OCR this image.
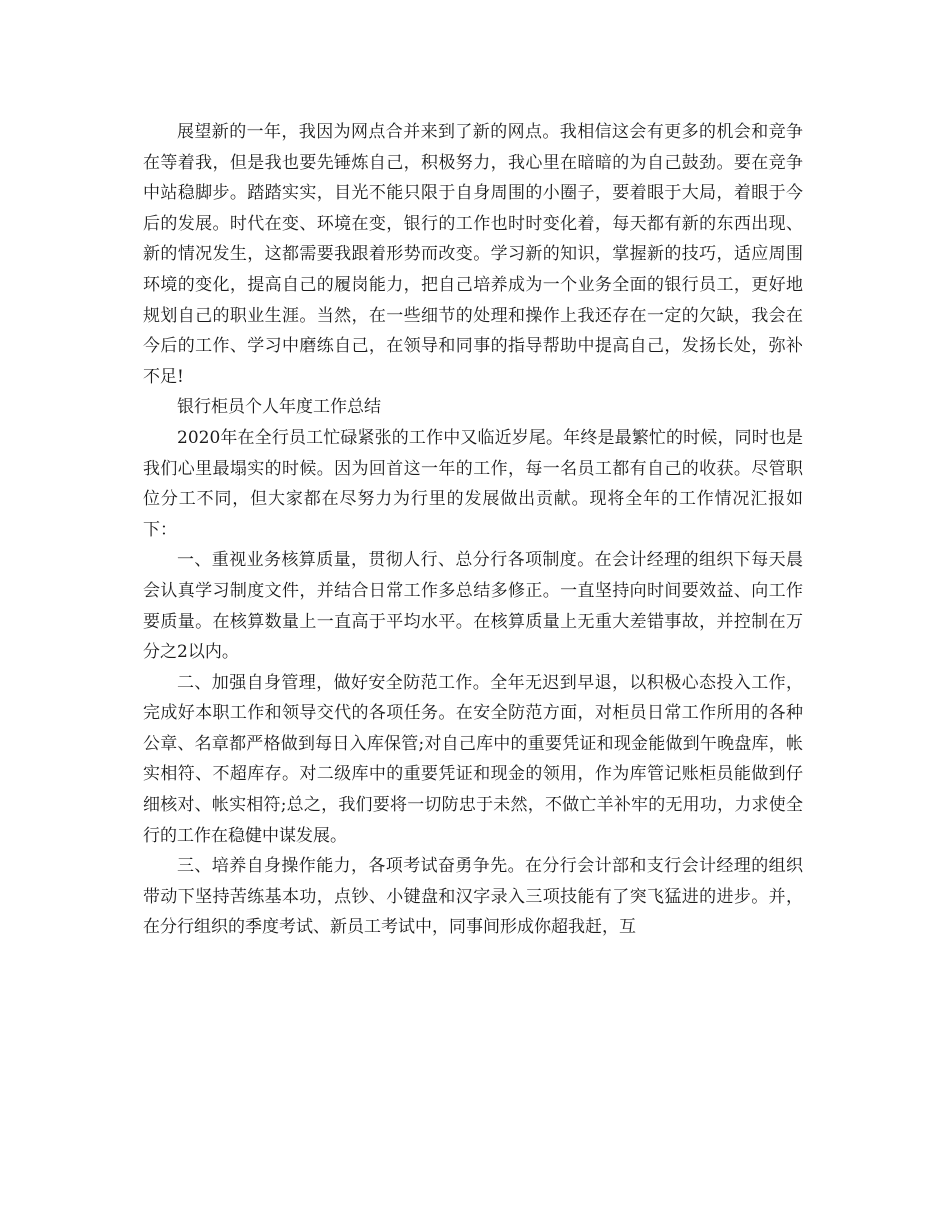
展望新的一年，我因为网点合并来到了新的网点。我相信这会有更多的机会和竞争在等着我，但是我也要先锤炼自己，积极努力，我心里在暗暗的为自己鼓劲。要在竞争中站稳脚步。踏踏实实，目光不能只限于自身周围的小圈子，要着眼于大局，着眼于今后的发展。时代在变、环境在变，银行的工作也时时变化着，每天都有新的东西出现、新的情况发生，这都需要我跟着形势而改变。学习新的知识，掌握新的技巧，适应周围环境的变化，提高自己的履岗能力，把自己培养成为一个业务全面的银行员工，更好地规划自己的职业生涯。当然，在一些细节的处理和操作上我还存在一定的欠缺，我会在今后的工作、学习中磨练自己，在领导和同事的指导帮助中提高自己，发扬长处，弥补不足!

银行柜员个人年度工作总结

2020年在全行员工忙碌紧张的工作中又临近岁尾。年终是最繁忙的时候，同时也是我们心里最塌实的时候。因为回首这一年的工作，每一名员工都有自己的收获。尽管职位分工不同，但大家都在尽努力为行里的发展做出贡献。现将全年的工作情况汇报如下：

一、重视业务核算质量，贯彻人行、总分行各项制度。在会计经理的组织下每天晨会认真学习制度文件，并结合日常工作多总结多修正。一直坚持向时间要效益、向工作要质量。在核算数量上一直高于平均水平。在核算质量上无重大差错事故，并控制在万分之2以内。

二、加强自身管理，做好安全防范工作。全年无迟到早退，以积极心态投入工作，完成好本职工作和领导交代的各项任务。在安全防范方面，对柜员日常工作所用的各种公章、名章都严格做到每日入库保管;对自己库中的重要凭证和现金能做到午晚盘库，帐实相符、不超库存。对二级库中的重要凭证和现金的领用，作为库管记账柜员能做到仔细核对、帐实相符;总之，我们要将一切防忠于未然，不做亡羊补牢的无用功，力求使全行的工作在稳健中谋发展。

三、培养自身操作能力，各项考试奋勇争先。在分行会计部和支行会计经理的组织带动下坚持苦练基本功，点钞、小键盘和汉字录入三项技能有了突飞猛进的进步。并，在分行组织的季度考试、新员工考试中，同事间形成你超我赶，互
